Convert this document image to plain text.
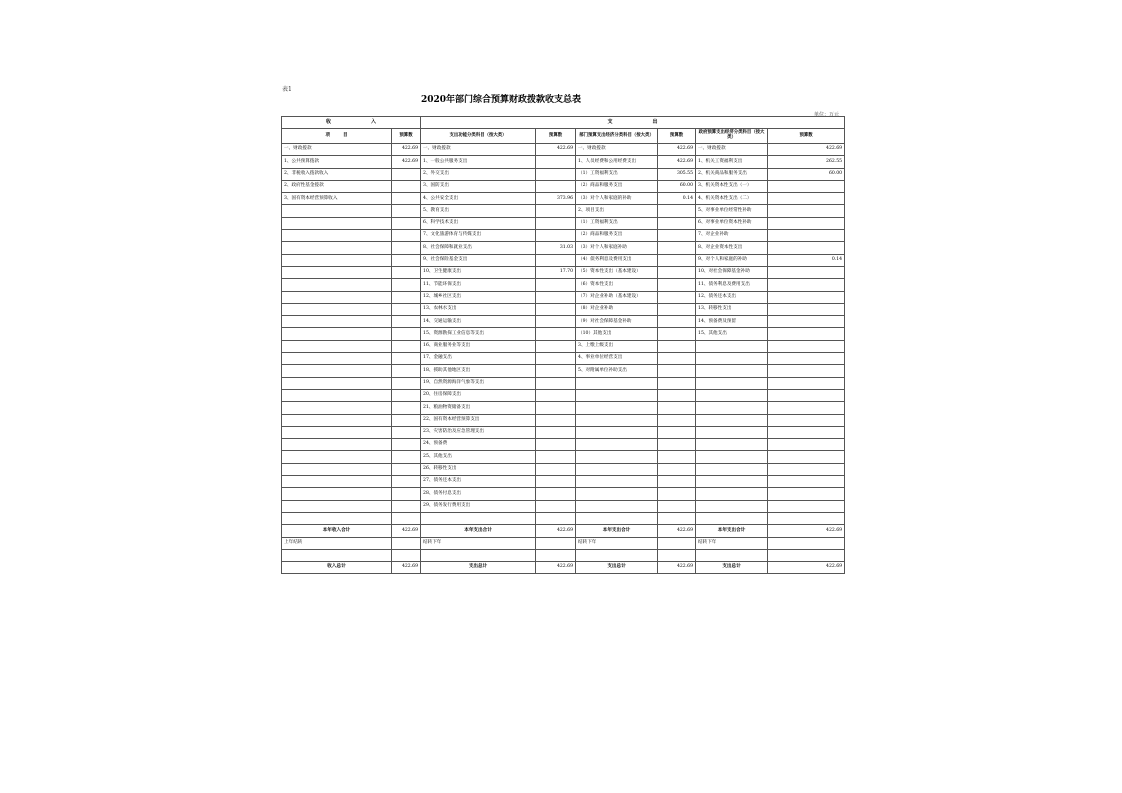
表1
2020年部门综合预算财政拨款收支总表
单位：万元
收　　　　　　　　入		支　　　　　　　　出					
项　　　目	预算数	支出功能分类科目（按大类）	预算数	部门预算支出经济分类科目（按大类）	预算数	政府预算支出经济分类科目（按大类）	预算数
一、财政拨款	422.69	一、财政拨款	422.69	一、财政拨款	422.69	一、财政拨款	422.69
1、公共预算拨款	422.69	1、一般公共服务支出		1、人员经费和公用经费支出	422.69	1、机关工资福利支出	262.55
2、非税收入拨款收入		2、外交支出		（1）工资福利支出	305.55	2、机关商品和服务支出	60.00
2、政府性基金拨款		3、国防支出		（2）商品和服务支出	60.00	3、机关资本性支出（一）	
3、国有资本经营预算收入		4、公共安全支出	373.96	（3）对个人和家庭的补助	0.14	4、机关资本性支出（二）	
		5、教育支出		2、项目支出		5、对事业单位经常性补助	
		6、科学技术支出		（1）工资福利支出		6、对事业单位资本性补助	
		7、文化旅游体育与传媒支出		（2）商品和服务支出		7、对企业补助	
		8、社会保障和就业支出	31.03	（3）对个人和家庭补助		8、对企业资本性支出	
		9、社会保险基金支出		（4）债务利息及费用支出		9、对个人和家庭的补助	0.14
		10、卫生健康支出	17.70	（5）资本性支出（基本建设）		10、对社会保障基金补助	
		11、节能环保支出		（6）资本性支出		11、债务利息及费用支出	
		12、城乡社区支出		（7）对企业补助（基本建设）		12、债务还本支出	
		13、农林水支出		（8）对企业补助		13、转移性支出	
		14、交通运输支出		（9）对社会保障基金补助		14、预备费及预留	
		15、资源勘探工业信息等支出		（10）其他支出		15、其他支出	
		16、商业服务业等支出		3、上缴上级支出			
		17、金融支出		4、事业单位经营支出			
		18、援助其他地区支出		5、对附属单位补助支出			
		19、自然资源海洋气象等支出					
		20、住房保障支出					
		21、粮油物资储备支出					
		22、国有资本经营预算支出					
		23、灾害防治及应急管理支出					
		24、预备费					
		25、其他支出					
		26、转移性支出					
		27、债务还本支出					
		28、债务付息支出					
		29、债务发行费用支出					

本年收入合计	422.69	本年支出合计	422.69	本年支出合计	422.69	本年支出合计	422.69
上年结转		结转下年		结转下年		结转下年	

收入总计	422.69	支出总计	422.69	支出总计	422.69	支出总计	422.69
